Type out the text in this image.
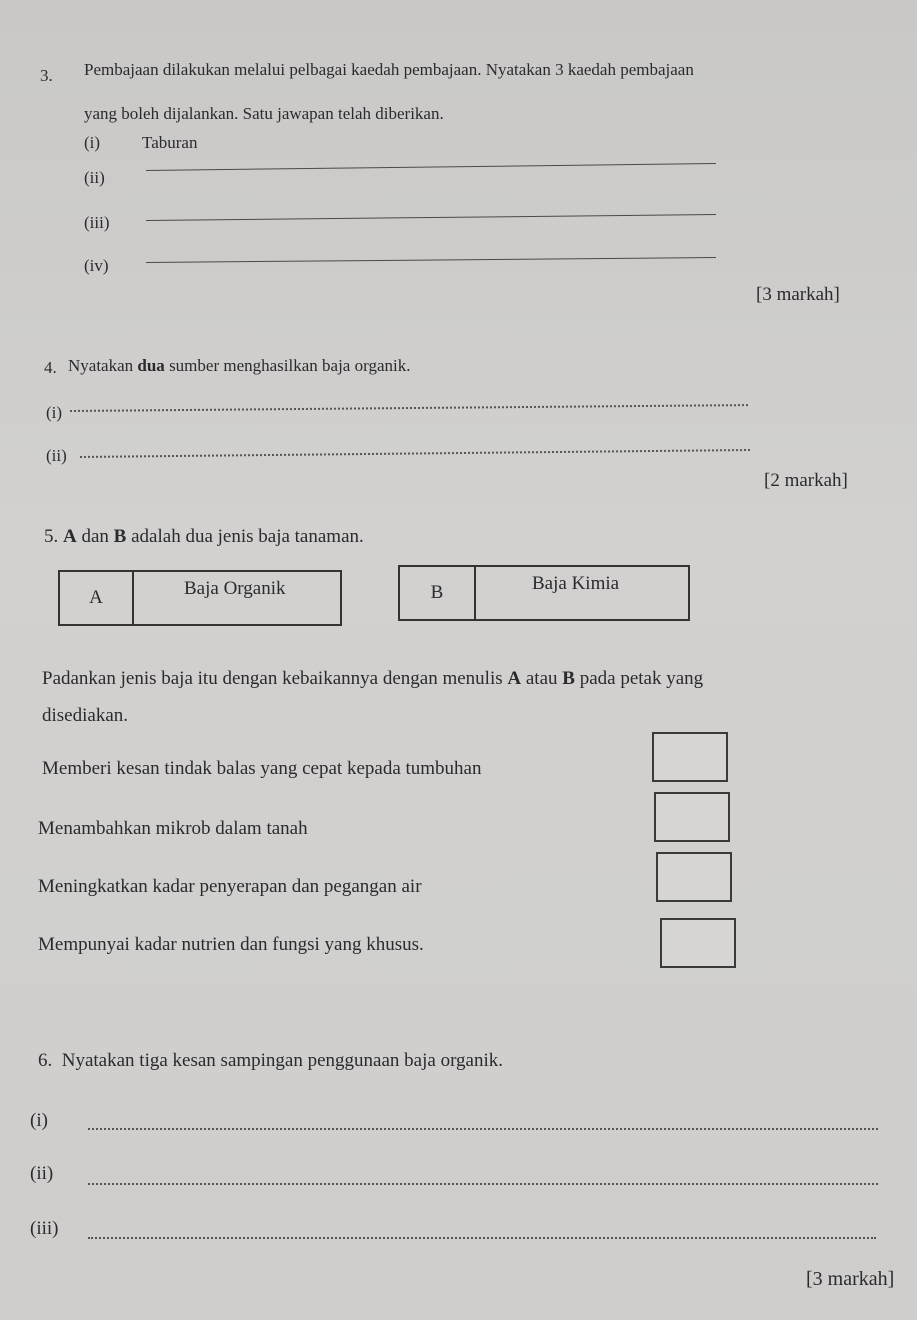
3. Pembajaan dilakukan melalui pelbagai kaedah pembajaan. Nyatakan 3 kaedah pembajaan
yang boleh dijalankan. Satu jawapan telah diberikan.
(i) Taburan
(ii)
(iii)
(iv)
[3 markah]
4. Nyatakan dua sumber menghasilkan baja organik.
(i)
(ii)
[2 markah]
5. A dan B adalah dua jenis baja tanaman.
A	Baja Organik	B	Baja Kimia
Padankan jenis baja itu dengan kebaikannya dengan menulis A atau B pada petak yang
disediakan.
Memberi kesan tindak balas yang cepat kepada tumbuhan
Menambahkan mikrob dalam tanah
Meningkatkan kadar penyerapan dan pegangan air
Mempunyai kadar nutrien dan fungsi yang khusus.
6. Nyatakan tiga kesan sampingan penggunaan baja organik.
(i)
(ii)
(iii)
[3 markah]
